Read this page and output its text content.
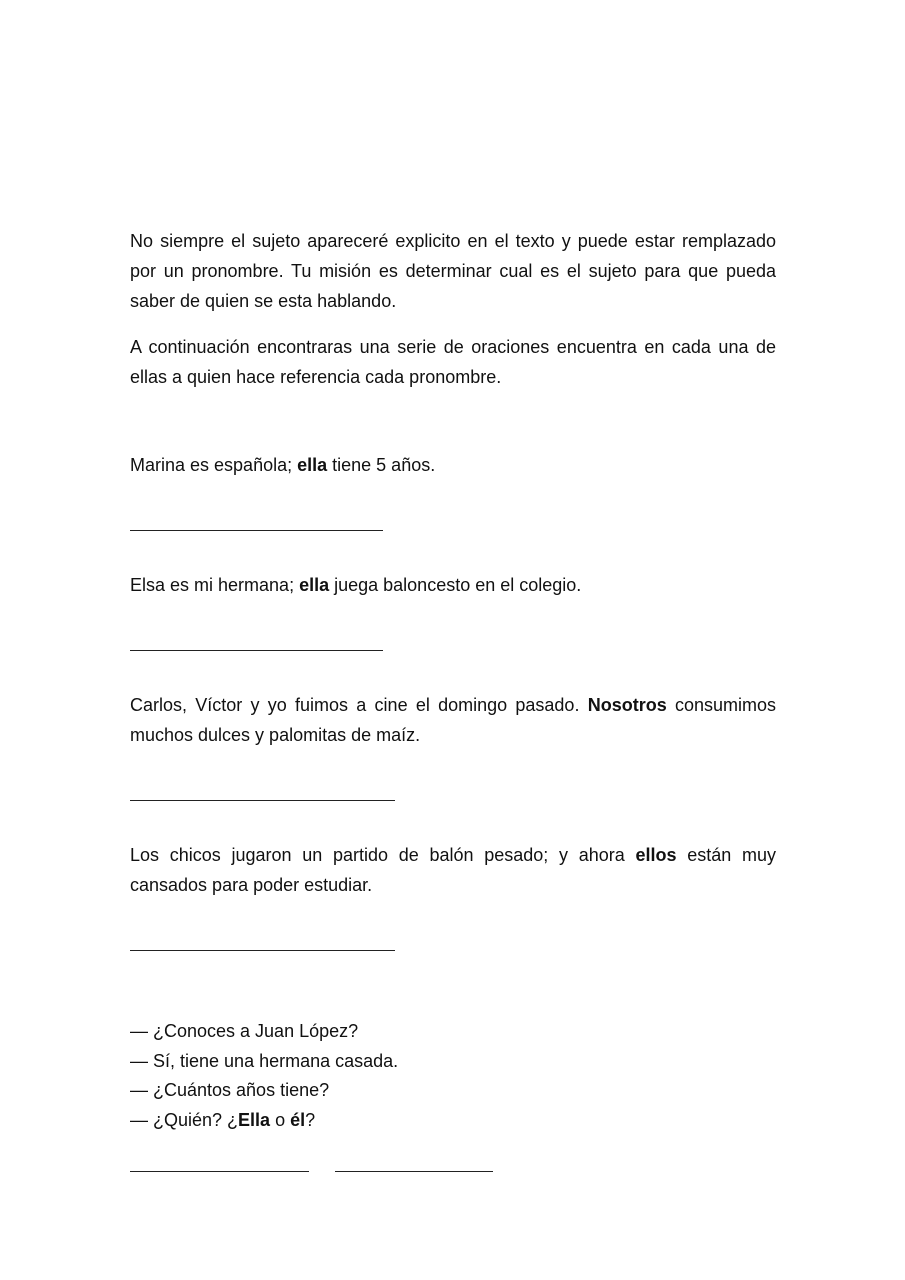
No siempre el sujeto apareceré explicito en el texto y puede estar remplazado por un pronombre. Tu misión es determinar cual es el sujeto para que pueda saber de quien se esta hablando.

A continuación encontraras una serie de oraciones encuentra en cada una de ellas a quien hace referencia cada pronombre.

Marina es española; ella tiene 5 años.

Elsa es mi hermana; ella juega baloncesto en el colegio.

Carlos, Víctor y yo fuimos a cine el domingo pasado. Nosotros consumimos muchos dulces y palomitas de maíz.

Los chicos jugaron un partido de balón pesado; y ahora ellos están muy cansados para poder estudiar.

— ¿Conoces a Juan López?

— Sí, tiene una hermana casada.

— ¿Cuántos años tiene?

— ¿Quién? ¿Ella o él?
